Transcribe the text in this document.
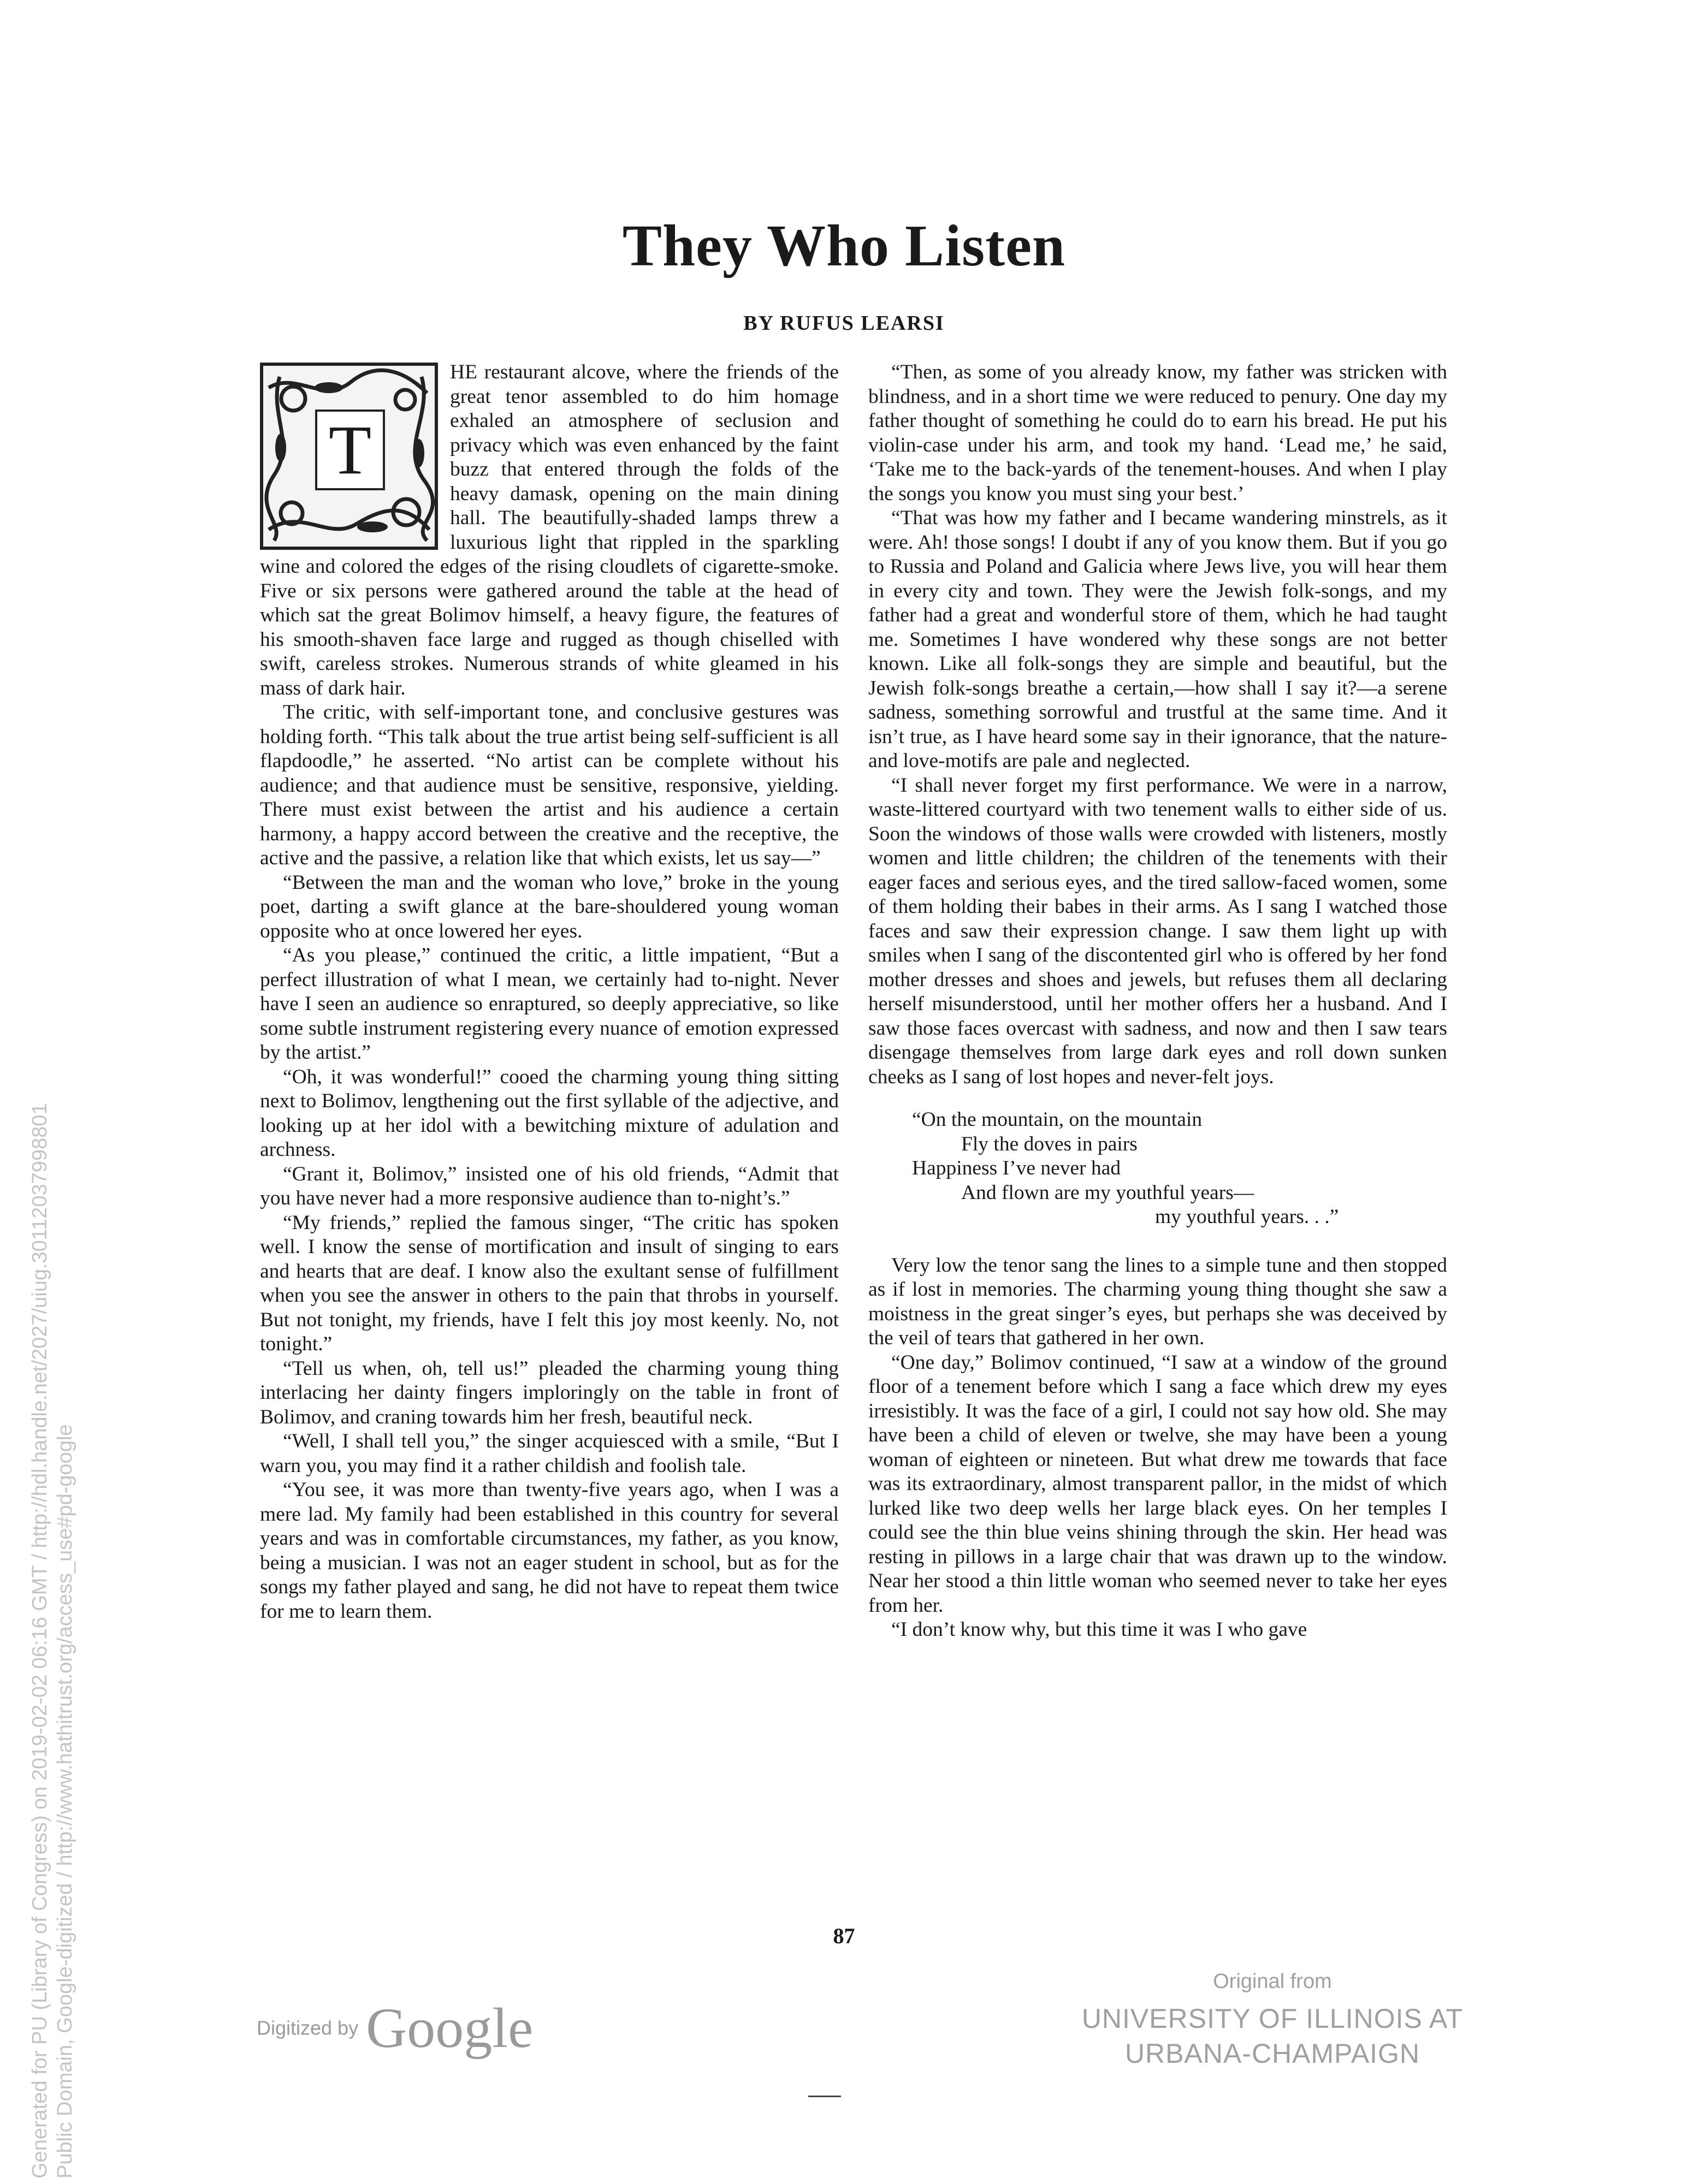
They Who Listen
BY RUFUS LEARSI
T

HE restaurant alcove, where the friends of the great tenor assembled to do him homage exhaled an atmosphere of seclusion and privacy which was even enhanced by the faint buzz that entered through the folds of the heavy damask, opening on the main dining hall. The beautifully-shaded lamps threw a luxurious light that rippled in the sparkling wine and colored the edges of the rising cloudlets of cigarette-smoke. Five or six persons were gathered around the table at the head of which sat the great Bolimov himself, a heavy figure, the features of his smooth-shaven face large and rugged as though chiselled with swift, careless strokes. Numerous strands of white gleamed in his mass of dark hair.

The critic, with self-important tone, and conclusive gestures was holding forth. “This talk about the true artist being self-sufficient is all flapdoodle,” he asserted. “No artist can be complete without his audience; and that audience must be sensitive, responsive, yielding. There must exist between the artist and his audience a certain harmony, a happy accord between the creative and the receptive, the active and the passive, a relation like that which exists, let us say—”

“Between the man and the woman who love,” broke in the young poet, darting a swift glance at the bare-shouldered young woman opposite who at once lowered her eyes.

“As you please,” continued the critic, a little impatient, “But a perfect illustration of what I mean, we certainly had to-night. Never have I seen an audience so enraptured, so deeply appreciative, so like some subtle instrument registering every nuance of emotion expressed by the artist.”

“Oh, it was wonderful!” cooed the charming young thing sitting next to Bolimov, lengthening out the first syllable of the adjective, and looking up at her idol with a bewitching mixture of adulation and archness.

“Grant it, Bolimov,” insisted one of his old friends, “Admit that you have never had a more responsive audience than to-night’s.”

“My friends,” replied the famous singer, “The critic has spoken well. I know the sense of mortification and insult of singing to ears and hearts that are deaf. I know also the exultant sense of fulfillment when you see the answer in others to the pain that throbs in yourself. But not tonight, my friends, have I felt this joy most keenly. No, not tonight.”

“Tell us when, oh, tell us!” pleaded the charming young thing interlacing her dainty fingers imploringly on the table in front of Bolimov, and craning towards him her fresh, beautiful neck.

“Well, I shall tell you,” the singer acquiesced with a smile, “But I warn you, you may find it a rather childish and foolish tale.

“You see, it was more than twenty-five years ago, when I was a mere lad. My family had been established in this country for several years and was in comfortable circumstances, my father, as you know, being a musician. I was not an eager student in school, but as for the songs my father played and sang, he did not have to repeat them twice for me to learn them.

“Then, as some of you already know, my father was stricken with blindness, and in a short time we were reduced to penury. One day my father thought of something he could do to earn his bread. He put his violin-case under his arm, and took my hand. ‘Lead me,’ he said, ‘Take me to the back-yards of the tenement-houses. And when I play the songs you know you must sing your best.’

“That was how my father and I became wandering minstrels, as it were. Ah! those songs! I doubt if any of you know them. But if you go to Russia and Poland and Galicia where Jews live, you will hear them in every city and town. They were the Jewish folk-songs, and my father had a great and wonderful store of them, which he had taught me. Sometimes I have wondered why these songs are not better known. Like all folk-songs they are simple and beautiful, but the Jewish folk-songs breathe a certain,—how shall I say it?—a serene sadness, something sorrowful and trustful at the same time. And it isn’t true, as I have heard some say in their ignorance, that the nature- and love-motifs are pale and neglected.

“I shall never forget my first performance. We were in a narrow, waste-littered courtyard with two tenement walls to either side of us. Soon the windows of those walls were crowded with listeners, mostly women and little children; the children of the tenements with their eager faces and serious eyes, and the tired sallow-faced women, some of them holding their babes in their arms. As I sang I watched those faces and saw their expression change. I saw them light up with smiles when I sang of the discontented girl who is offered by her fond mother dresses and shoes and jewels, but refuses them all declaring herself misunderstood, until her mother offers her a husband. And I saw those faces overcast with sadness, and now and then I saw tears disengage themselves from large dark eyes and roll down sunken cheeks as I sang of lost hopes and never-felt joys.

“On the mountain, on the mountain
Fly the doves in pairs
Happiness I’ve never had
And flown are my youthful years—
my youthful years. . .”

Very low the tenor sang the lines to a simple tune and then stopped as if lost in memories. The charming young thing thought she saw a moistness in the great singer’s eyes, but perhaps she was deceived by the veil of tears that gathered in her own.

“One day,” Bolimov continued, “I saw at a window of the ground floor of a tenement before which I sang a face which drew my eyes irresistibly. It was the face of a girl, I could not say how old. She may have been a child of eleven or twelve, she may have been a young woman of eighteen or nineteen. But what drew me towards that face was its extraordinary, almost transparent pallor, in the midst of which lurked like two deep wells her large black eyes. On her temples I could see the thin blue veins shining through the skin. Her head was resting in pillows in a large chair that was drawn up to the window. Near her stood a thin little woman who seemed never to take her eyes from her.

“I don’t know why, but this time it was I who gave

87
Digitized by Google
Original from
UNIVERSITY OF ILLINOIS AT
URBANA-CHAMPAIGN
Generated for PU (Library of Congress) on 2019-02-02 06:16 GMT / http://hdl.handle.net/2027/uiug.30112037998801 Public Domain, Google-digitized / http://www.hathitrust.org/access_use#pd-google
